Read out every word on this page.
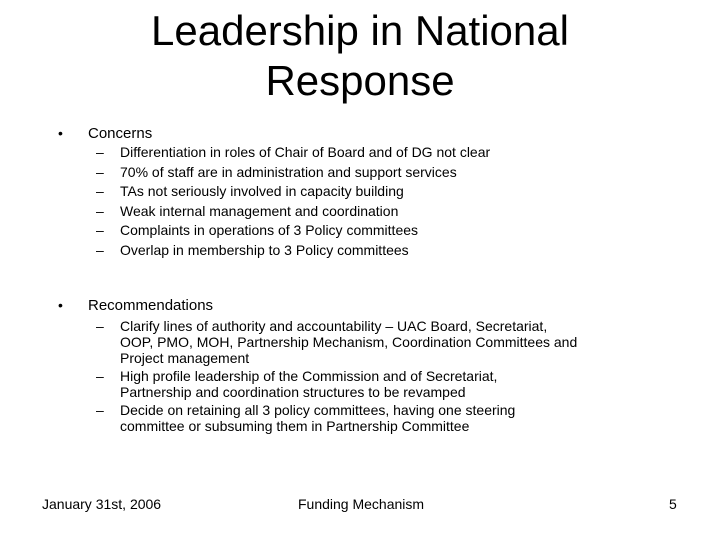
Leadership in National
Response
• Concerns
–	Differentiation in roles of Chair of Board and of DG not clear
–	70% of staff are in administration and support services
–	TAs not seriously involved in capacity building
–	Weak internal management and coordination
–	Complaints in operations of 3 Policy committees
–	Overlap in membership to 3 Policy committees
• Recommendations
–	Clarify lines of authority and accountability – UAC Board, Secretariat,
OOP, PMO, MOH, Partnership Mechanism, Coordination Committees and
Project management
–	High profile leadership of the Commission and of Secretariat,
Partnership and coordination structures to be revamped
–	Decide on retaining all 3 policy committees, having one steering
committee or subsuming them in Partnership Committee
January 31st, 2006	Funding Mechanism	5
